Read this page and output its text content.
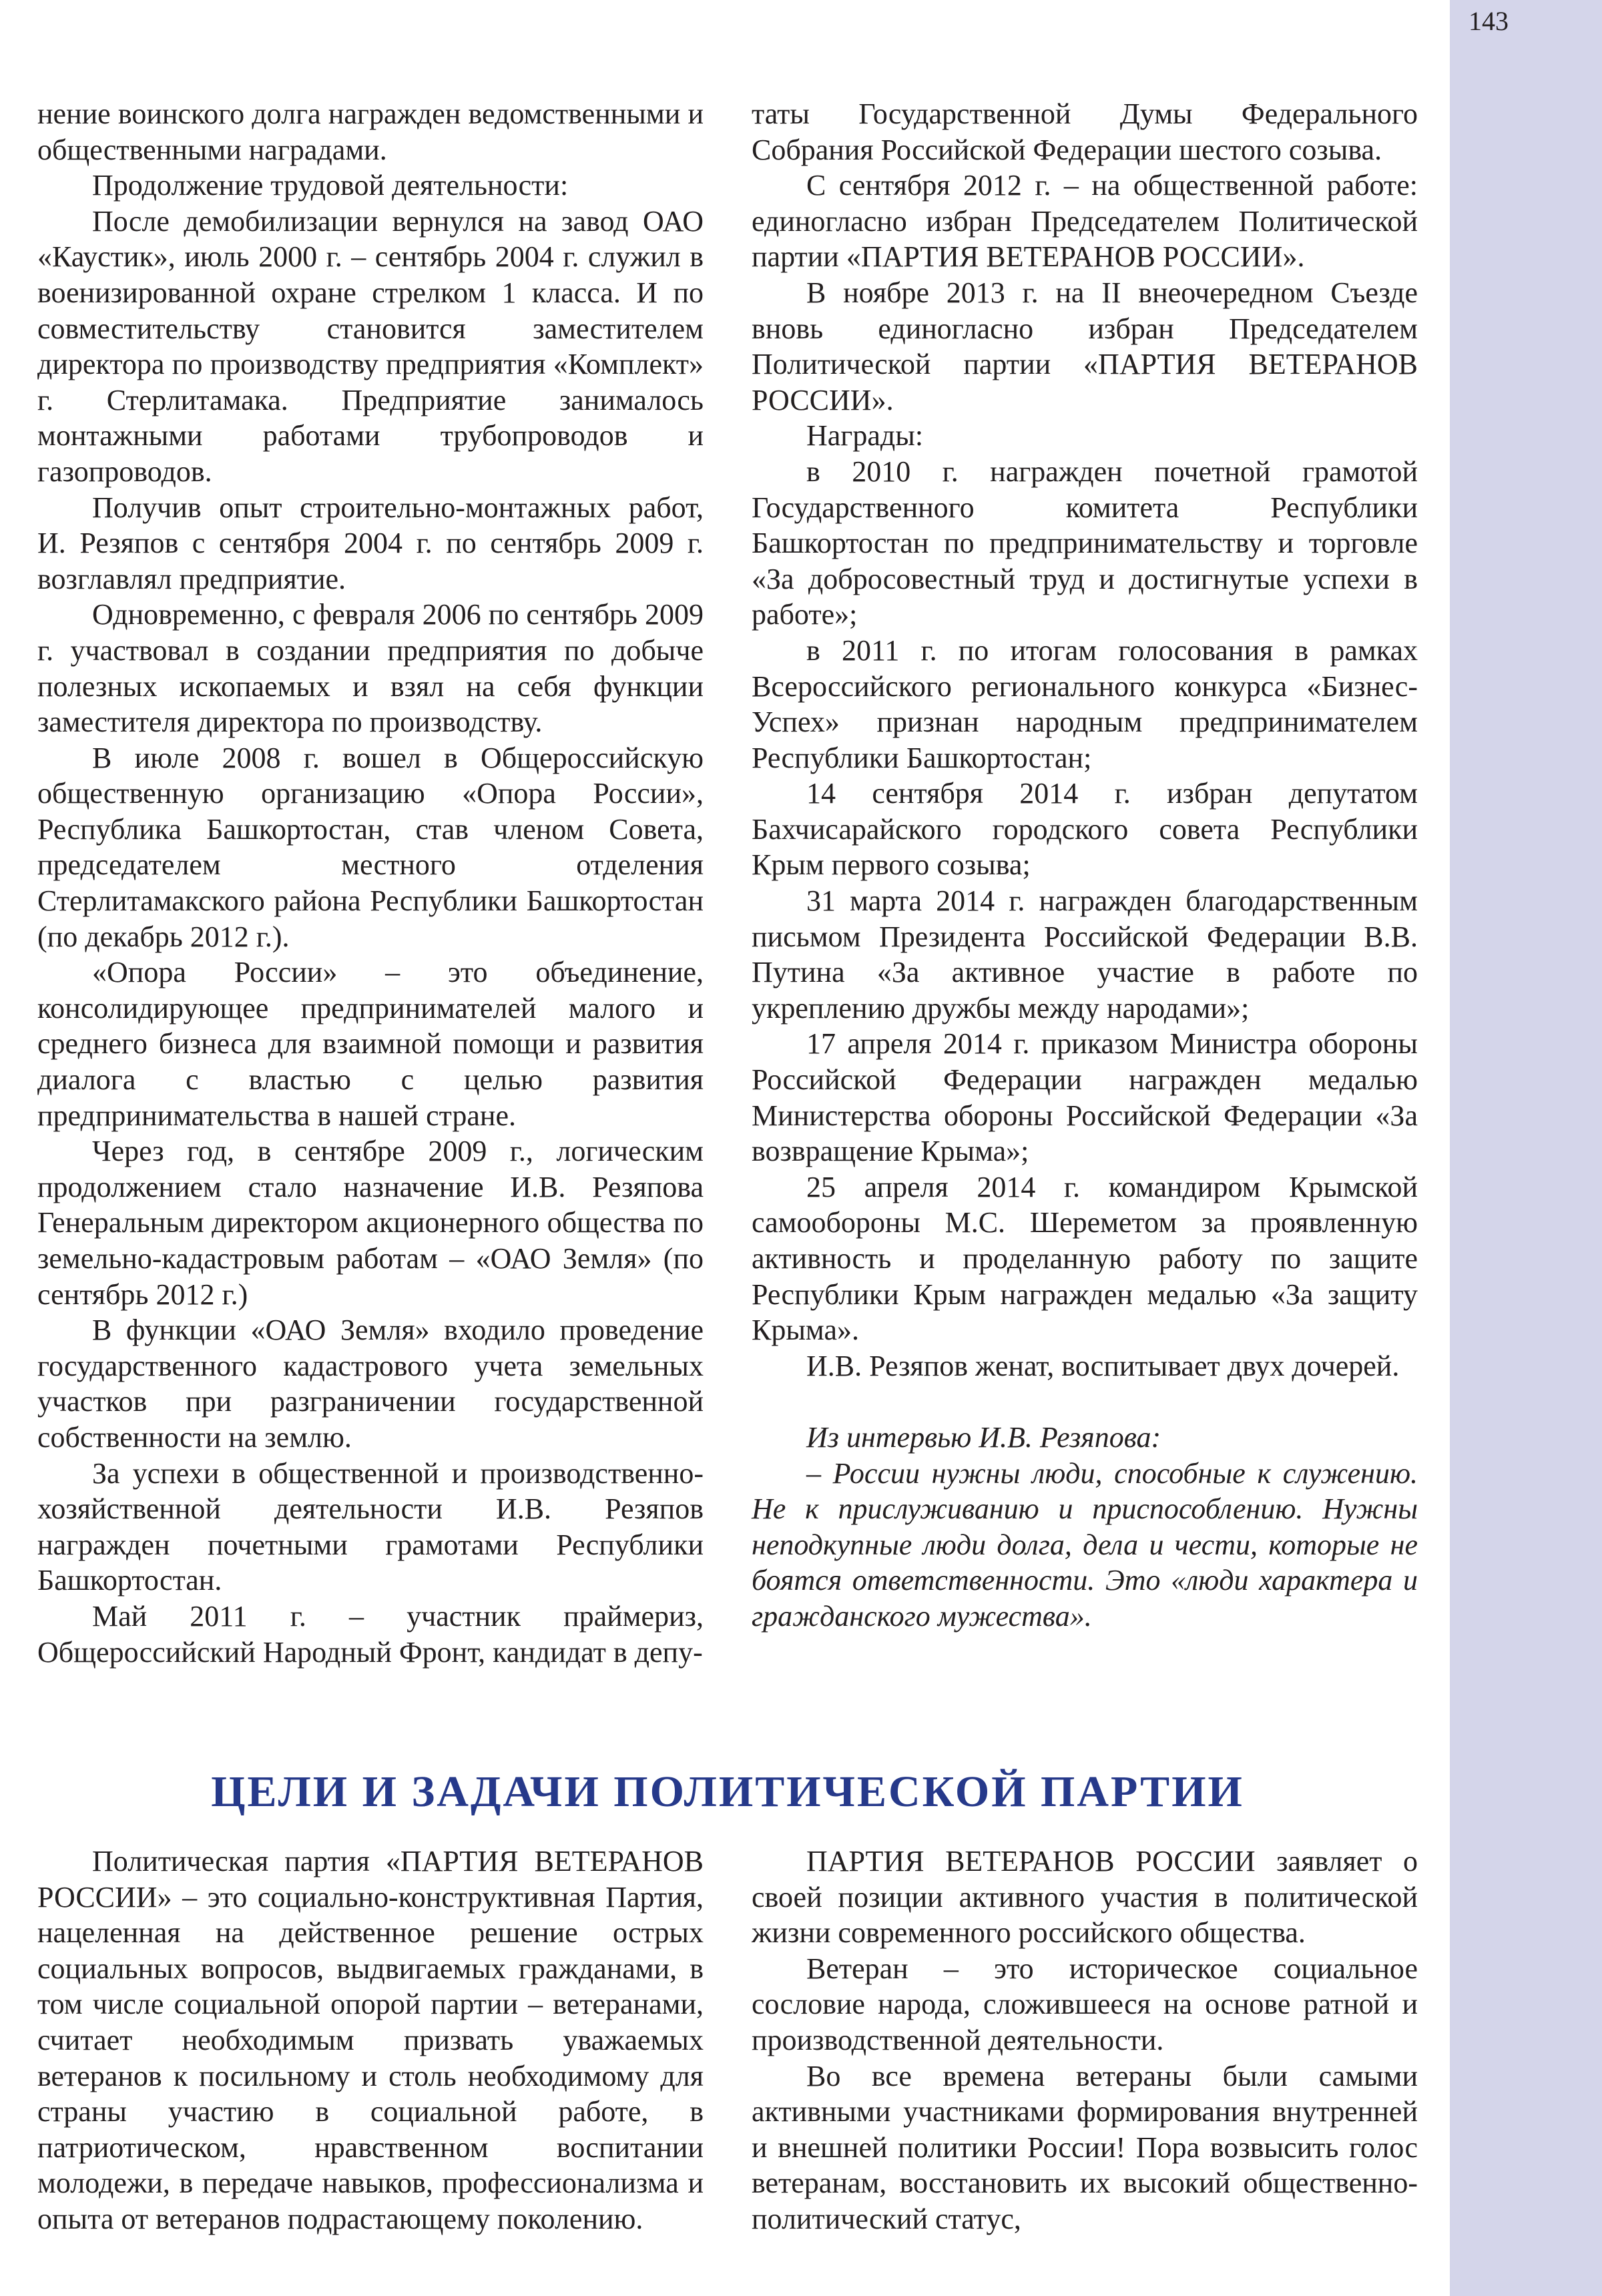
143

нение воинского долга награжден ведомственными и общественными наградами.

Продолжение трудовой деятельности:

После демобилизации вернулся на завод ОАО «Каустик», июль 2000 г. – сентябрь 2004 г. служил в военизированной охране стрелком 1 класса. И по совместительству становится заместителем директора по производству предприятия «Комплект» г. Стерлитамака. Предприятие занималось монтажными работами трубопроводов и газопроводов.

Получив опыт строительно-монтажных работ, И. Резяпов с сентября 2004 г. по сентябрь 2009 г. возглавлял предприятие.

Одновременно, с февраля 2006 по сентябрь 2009 г. участвовал в создании предприятия по добыче полезных ископаемых и взял на себя функции заместителя директора по производству.

В июле 2008 г. вошел в Общероссийскую общественную организацию «Опора России», Республика Башкортостан, став членом Совета, председателем местного отделения Стерлитамакского района Республики Башкортостан (по декабрь 2012 г.).

«Опора России» – это объединение, консолидирующее предпринимателей малого и среднего бизнеса для взаимной помощи и развития диалога с властью с целью развития предпринимательства в нашей стране.

Через год, в сентябре 2009 г., логическим продолжением стало назначение И.В. Резяпова Генеральным директором акционерного общества по земельно-кадастровым работам – «ОАО Земля» (по сентябрь 2012 г.)

В функции «ОАО Земля» входило проведение государственного кадастрового учета земельных участков при разграничении государственной собственности на землю.

За успехи в общественной и производственно-хозяйственной деятельности И.В. Резяпов награжден почетными грамотами Республики Башкортостан.

Май 2011 г. – участник праймериз, Общероссийский Народный Фронт, кандидат в депу-

таты Государственной Думы Федерального Собрания Российской Федерации шестого созыва.

С сентября 2012 г. – на общественной работе: единогласно избран Председателем Политической партии «ПАРТИЯ ВЕТЕРАНОВ РОССИИ».

В ноябре 2013 г. на II внеочередном Съезде вновь единогласно избран Председателем Политической партии «ПАРТИЯ ВЕТЕРАНОВ РОССИИ».

Награды:

в 2010 г. награжден почетной грамотой Государственного комитета Республики Башкортостан по предпринимательству и торговле «За добросовестный труд и достигнутые успехи в работе»;

в 2011 г. по итогам голосования в рамках Всероссийского регионального конкурса «Бизнес-Успех» признан народным предпринимателем Республики Башкортостан;

14 сентября 2014 г. избран депутатом Бахчисарайского городского совета Республики Крым первого созыва;

31 марта 2014 г. награжден благодарственным письмом Президента Российской Федерации В.В. Путина «За активное участие в работе по укреплению дружбы между народами»;

17 апреля 2014 г. приказом Министра обороны Российской Федерации награжден медалью Министерства обороны Российской Федерации «За возвращение Крыма»;

25 апреля 2014 г. командиром Крымской самообороны М.С. Шереметом за проявленную активность и проделанную работу по защите Республики Крым награжден медалью «За защиту Крыма».

И.В. Резяпов женат, воспитывает двух дочерей.

Из интервью И.В. Резяпова:

– России нужны люди, способные к служению. Не к прислуживанию и приспособлению. Нужны неподкупные люди долга, дела и чести, которые не боятся ответственности. Это «люди характера и гражданского мужества».

ЦЕЛИ И ЗАДАЧИ ПОЛИТИЧЕСКОЙ ПАРТИИ

Политическая партия «ПАРТИЯ ВЕТЕРАНОВ РОССИИ» – это социально-конструктивная Партия, нацеленная на действенное решение острых социальных вопросов, выдвигаемых гражданами, в том числе социальной опорой партии – ветеранами, считает необходимым призвать уважаемых ветеранов к посильному и столь необходимому для страны участию в социальной работе, в патриотическом, нравственном воспитании молодежи, в передаче навыков, профессионализма и опыта от ветеранов подрастающему поколению.

ПАРТИЯ ВЕТЕРАНОВ РОССИИ заявляет о своей позиции активного участия в политической жизни современного российского общества.

Ветеран – это историческое социальное сословие народа, сложившееся на основе ратной и производственной деятельности.

Во все времена ветераны были самыми активными участниками формирования внутренней и внешней политики России! Пора возвысить голос ветеранам, восстановить их высокий общественно-политический статус,
